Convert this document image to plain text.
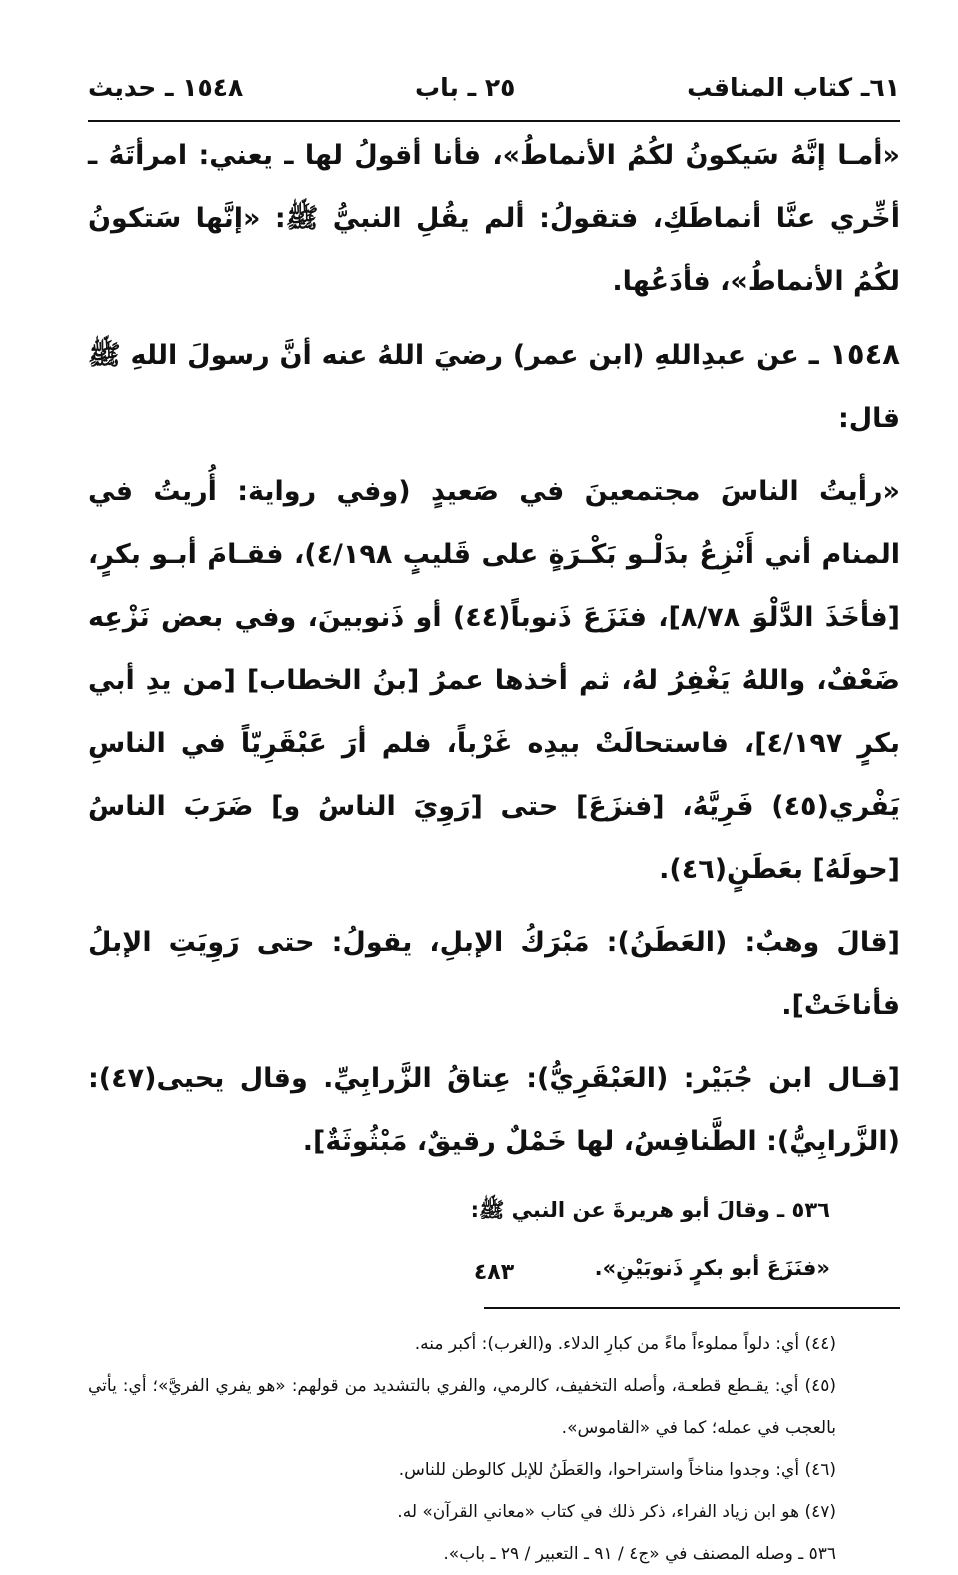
٦١ـ كتاب المناقب
٢٥ ـ باب
١٥٤٨ ـ حديث

«أمـا إنَّهُ سَيكونُ لكُمُ الأنماطُ»، فأنا أقولُ لها ـ يعني: امرأتَهُ ـ أخِّري عنَّا أنماطَكِ، فتقولُ: ألم يقُلِ النبيُّ ﷺ: «إنَّها سَتكونُ لكُمُ الأنماطُ»، فأدَعُها.

١٥٤٨ ـ عن عبدِاللهِ (ابن عمر) رضيَ اللهُ عنه أنَّ رسولَ اللهِ ﷺ قال:

«رأيتُ الناسَ مجتمعينَ في صَعيدٍ (وفي رواية: أُريتُ في المنام أني أَنْزِعُ بدَلْـو بَكْـرَةٍ على قَليبٍ ٤/١٩٨)، فقـامَ أبـو بكرٍ، [فأخَذَ الدَّلْوَ ٨/٧٨]، فنَزَعَ ذَنوباً(٤٤) أو ذَنوبينَ، وفي بعض نَزْعِه ضَعْفٌ، واللهُ يَغْفِرُ لهُ، ثم أخذها عمرُ [بنُ الخطاب] [من يدِ أبي بكرٍ ٤/١٩٧]، فاستحالَتْ بيدِه غَرْباً، فلم أرَ عَبْقَرِيّاً في الناسِ يَفْري(٤٥) فَرِيَّهُ، [فنزَعَ] حتى [رَوِيَ الناسُ و] ضَرَبَ الناسُ [حولَهُ] بعَطَنٍ(٤٦).

[قالَ وهبٌ: (العَطَنُ): مَبْرَكُ الإبلِ، يقولُ: حتى رَوِيَتِ الإبلُ فأناخَتْ].

[قـال ابن جُبَيْر: (العَبْقَرِيُّ): عِتاقُ الزَّرابِيِّ. وقال يحيى(٤٧): (الزَّرابِيُّ): الطَّنافِسُ، لها خَمْلٌ رقيقٌ، مَبْثُوثَةٌ].

٥٣٦ ـ وقالَ أبو هريرةَ عن النبي ﷺ:

«فنَزَعَ أبو بكرٍ ذَنوبَيْنِ».

(٤٤) أي: دلواً مملوءاً ماءً من كبارِ الدلاء. و(الغرب): أكبر منه.

(٤٥) أي: يقـطع قطعـة، وأصله التخفيف، كالرمي، والفري بالتشديد من قولهم: «هو يفري الفريَّ»؛ أي: يأتي بالعجب في عمله؛ كما في «القاموس».

(٤٦) أي: وجدوا مناخاً واستراحوا، والعَطَنُ للإبل كالوطن للناس.

(٤٧) هو ابن زياد الفراء، ذكر ذلك في كتاب «معاني القرآن» له.

٥٣٦ ـ وصله المصنف في «ج٤ / ٩١ ـ التعبير / ٢٩ ـ باب».

٤٨٣
